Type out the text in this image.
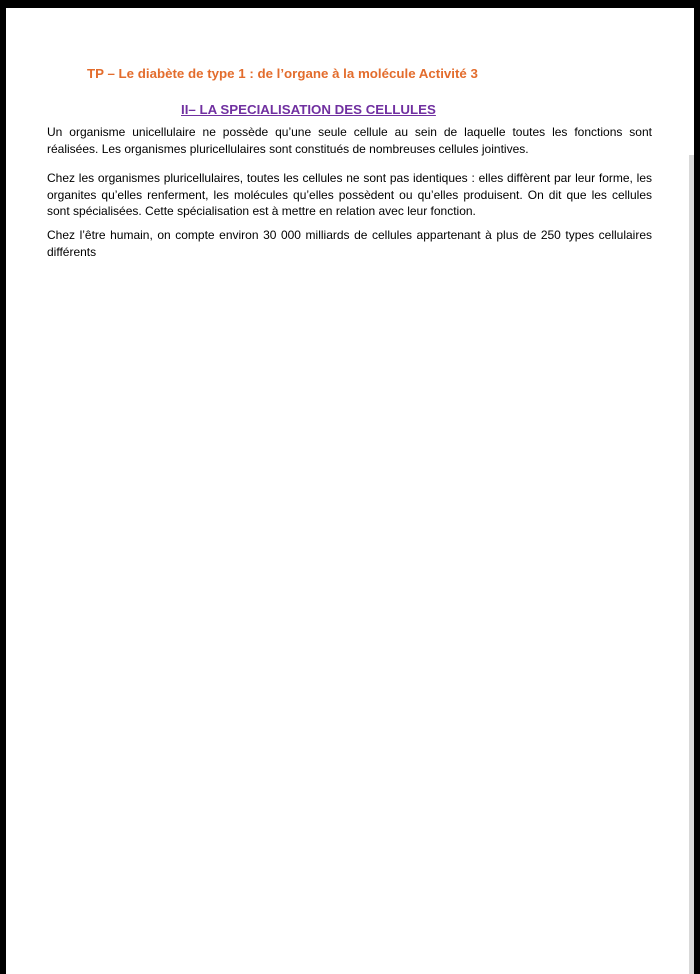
TP – Le diabète de type 1 : de l’organe à la molécule Activité 3
II– LA SPECIALISATION DES CELLULES

Un organisme unicellulaire ne possède qu’une seule cellule au sein de laquelle toutes les fonctions sont réalisées. Les organismes pluricellulaires sont constitués de nombreuses cellules jointives.

Chez les organismes pluricellulaires, toutes les cellules ne sont pas identiques : elles diffèrent par leur forme, les organites qu’elles renferment, les molécules qu’elles possèdent ou qu’elles produisent. On dit que les cellules sont spécialisées. Cette spécialisation est à mettre en relation avec leur fonction.

Chez l’être humain, on compte environ 30 000 milliards de cellules appartenant à plus de 250 types cellulaires différents
